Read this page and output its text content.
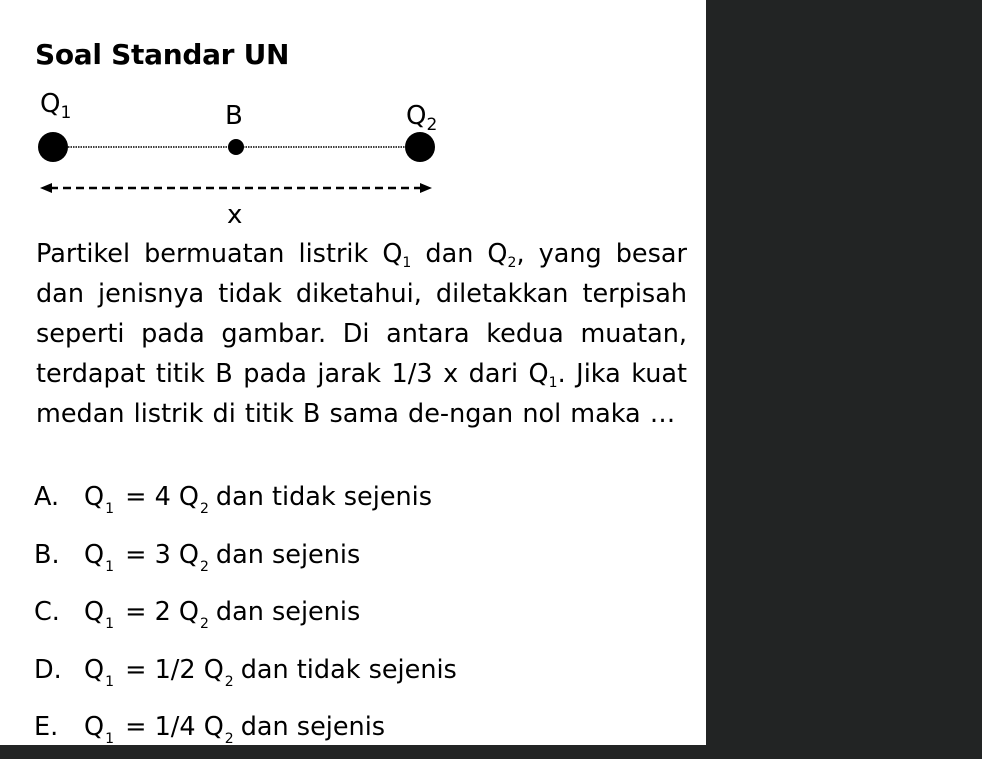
Soal Standar UN
$Q_1$	B	$Q_2$
x
Partikel bermuatan listrik $Q_1$ dan $Q_2$, yang besar dan jenisnya tidak diketahui, diletakkan terpisah seperti pada gambar. Di antara kedua muatan, terdapat titik B pada jarak 1/3 x dari $Q_1$. Jika kuat medan listrik di titik B sama de-ngan nol maka …
A. $Q_1 = 4$ $Q_2$ dan tidak sejenis
B. $Q_1 = 3$ $Q_2$ dan sejenis
C. $Q_1 = 2$ $Q_2$ dan sejenis
D. $Q_1 = 1/2$ $Q_2$ dan tidak sejenis
E. $Q_1 = 1/4$ $Q_2$ dan sejenis
